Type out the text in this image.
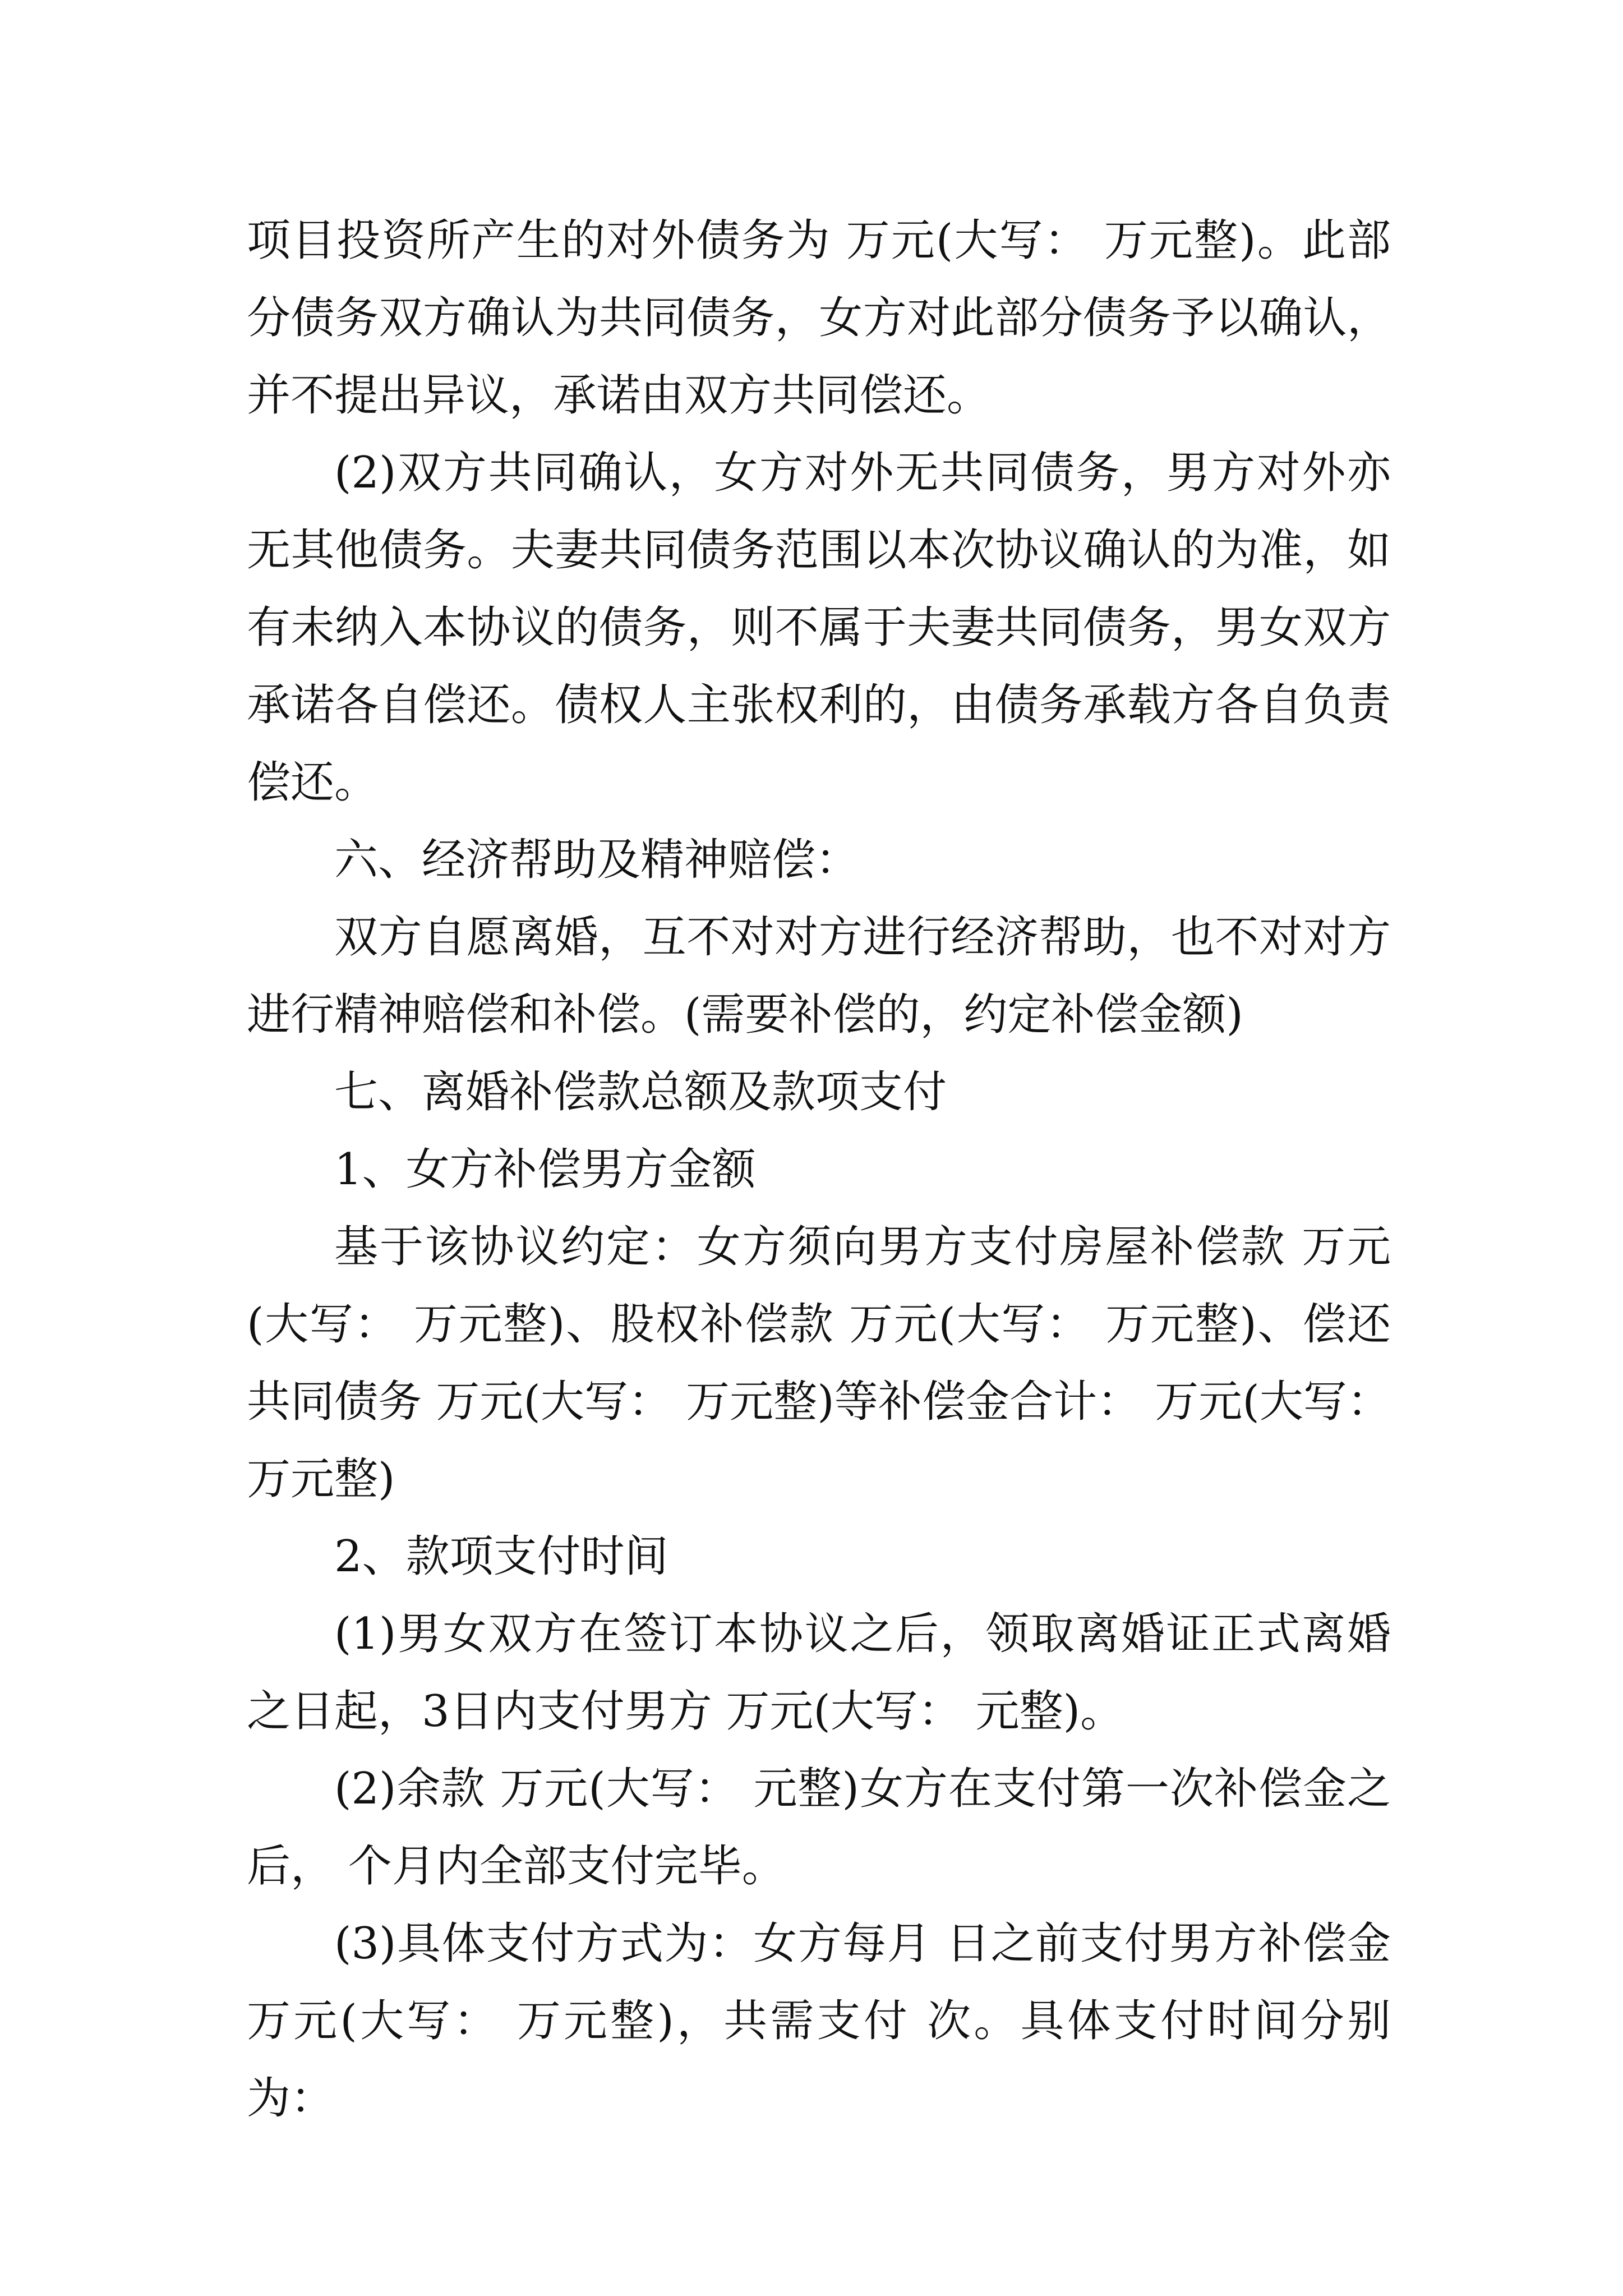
项目投资所产生的对外债务为 万元(大写： 万元整)。此部分债务双方确认为共同债务，女方对此部分债务予以确认，并不提出异议，承诺由双方共同偿还。

(2)双方共同确认，女方对外无共同债务，男方对外亦无其他债务。夫妻共同债务范围以本次协议确认的为准，如有未纳入本协议的债务，则不属于夫妻共同债务，男女双方承诺各自偿还。债权人主张权利的，由债务承载方各自负责偿还。

六、经济帮助及精神赔偿：

双方自愿离婚，互不对对方进行经济帮助，也不对对方进行精神赔偿和补偿。(需要补偿的，约定补偿金额)

七、离婚补偿款总额及款项支付

1、女方补偿男方金额

基于该协议约定：女方须向男方支付房屋补偿款 万元(大写： 万元整)、股权补偿款 万元(大写： 万元整)、偿还共同债务 万元(大写： 万元整)等补偿金合计： 万元(大写： 万元整)

2、款项支付时间

(1)男女双方在签订本协议之后，领取离婚证正式离婚之日起，3日内支付男方 万元(大写： 元整)。

(2)余款 万元(大写： 元整)女方在支付第一次补偿金之后， 个月内全部支付完毕。

(3)具体支付方式为：女方每月 日之前支付男方补偿金 万元(大写： 万元整)，共需支付 次。具体支付时间分别为：
